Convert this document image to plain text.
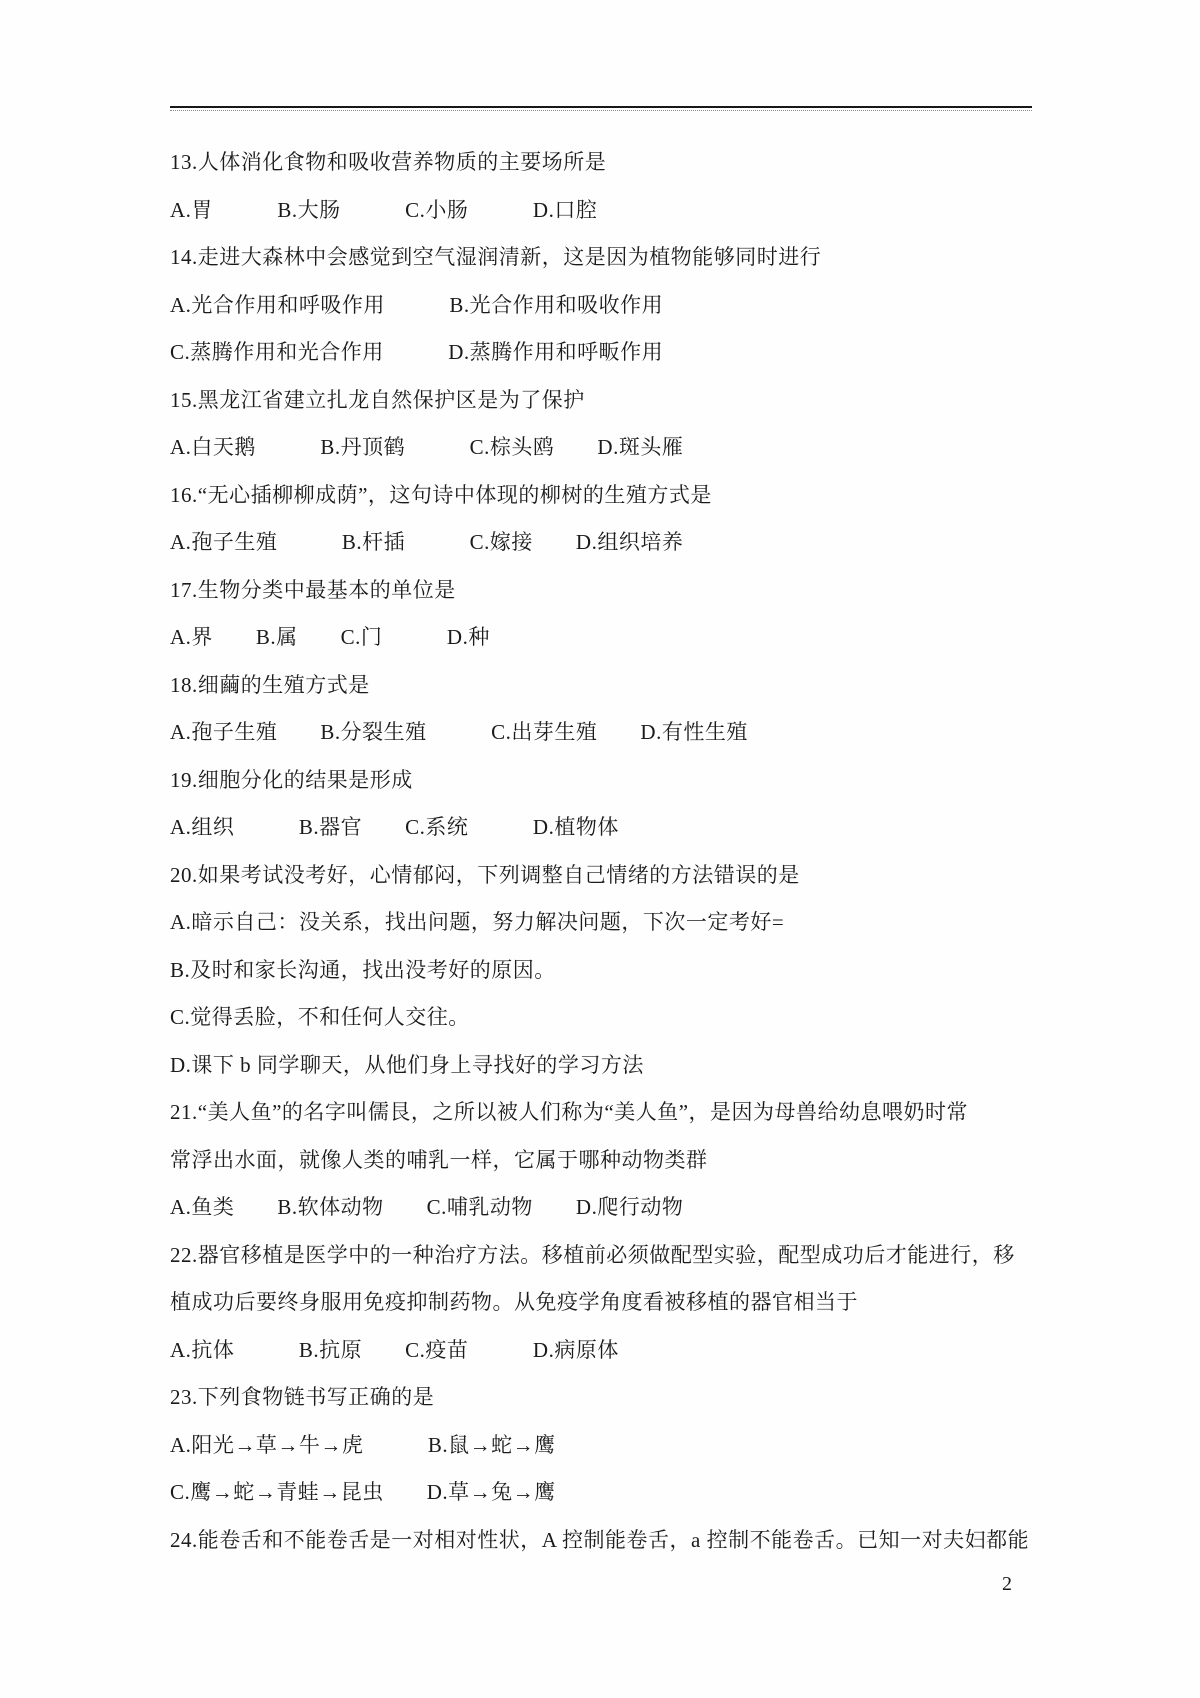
13.人体消化食物和吸收营养物质的主要场所是

A.胃　　　B.大肠　　　C.小肠　　　D.口腔

14.走进大森林中会感觉到空气湿润清新，这是因为植物能够同时进行

A.光合作用和呼吸作用　　　B.光合作用和吸收作用

C.蒸腾作用和光合作用　　　D.蒸腾作用和呼畈作用

15.黑龙江省建立扎龙自然保护区是为了保护

A.白天鹅　　　B.丹顶鹤　　　C.棕头鸥　　D.斑头雁

16.“无心插柳柳成荫”，这句诗中体现的柳树的生殖方式是

A.孢子生殖　　　B.杆插　　　C.嫁接　　D.组织培养

17.生物分类中最基本的单位是

A.界　　B.属　　C.门　　　D.种

18.细繭的生殖方式是

A.孢子生殖　　B.分裂生殖　　　C.出芽生殖　　D.有性生殖

19.细胞分化的结果是形成

A.组织　　　B.器官　　C.系统　　　D.植物体

20.如果考试没考好，心情郁闷，下列调整自己情绪的方法错误的是

A.暗示自己：没关系，找出问题，努力解决问题，下次一定考好=

B.及时和家长沟通，找出没考好的原因。

C.觉得丢脸，不和任何人交往。

D.课下 b 同学聊天，从他们身上寻找好的学习方法

21.“美人鱼”的名字叫儒艮，之所以被人们称为“美人鱼”，是因为母兽给幼息喂奶时常

常浮出水面，就像人类的哺乳一样，它属于哪种动物类群

A.鱼类　　B.软体动物　　C.哺乳动物　　D.爬行动物

22.器官移植是医学中的一种治疗方法。移植前必须做配型实验，配型成功后才能进行，移

植成功后要终身服用免疫抑制药物。从免疫学角度看被移植的器官相当于

A.抗体　　　B.抗原　　C.疫苗　　　D.病原体

23.下列食物链书写正确的是

A.阳光→草→牛→虎　　　B.鼠→蛇→鹰

C.鹰→蛇→青蛙→昆虫　　D.草→兔→鹰

24.能卷舌和不能卷舌是一对相对性状，A 控制能卷舌，a 控制不能卷舌。已知一对夫妇都能

2
